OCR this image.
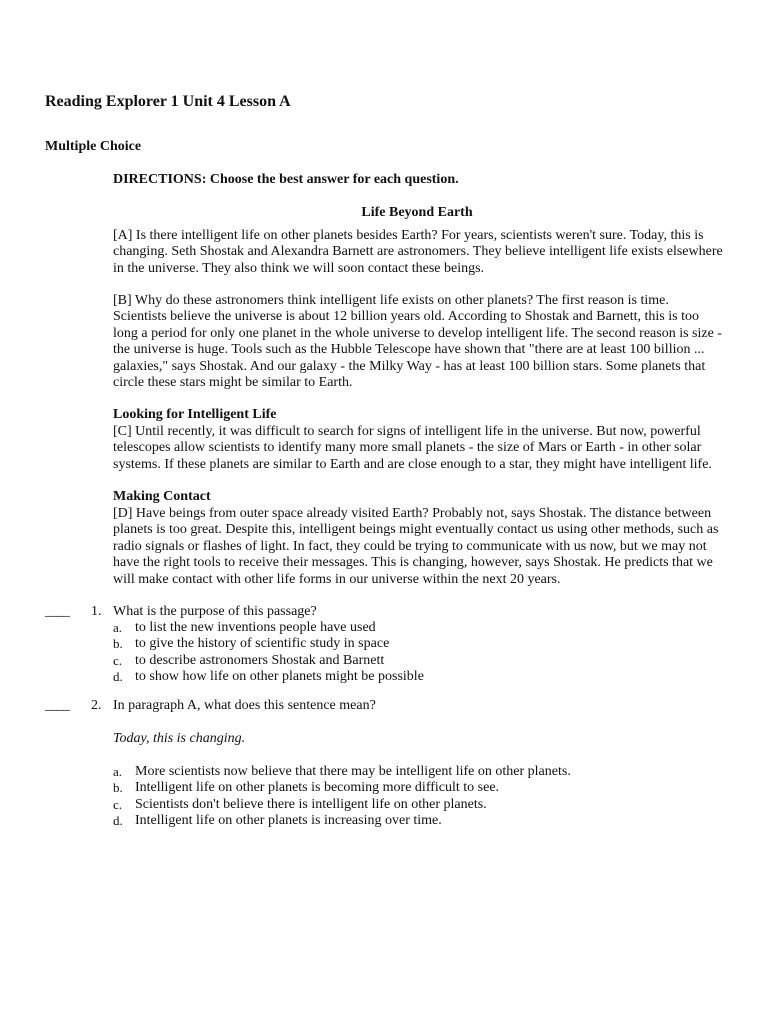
Reading Explorer 1 Unit 4 Lesson A
Multiple Choice
DIRECTIONS: Choose the best answer for each question.
Life Beyond Earth
[A] Is there intelligent life on other planets besides Earth? For years, scientists weren't sure. Today, this is changing. Seth Shostak and Alexandra Barnett are astronomers. They believe intelligent life exists elsewhere in the universe. They also think we will soon contact these beings.
[B] Why do these astronomers think intelligent life exists on other planets? The first reason is time. Scientists believe the universe is about 12 billion years old. According to Shostak and Barnett, this is too long a period for only one planet in the whole universe to develop intelligent life. The second reason is size - the universe is huge. Tools such as the Hubble Telescope have shown that "there are at least 100 billion ... galaxies," says Shostak. And our galaxy - the Milky Way - has at least 100 billion stars. Some planets that circle these stars might be similar to Earth.
Looking for Intelligent Life
[C] Until recently, it was difficult to search for signs of intelligent life in the universe. But now, powerful telescopes allow scientists to identify many more small planets - the size of Mars or Earth - in other solar systems. If these planets are similar to Earth and are close enough to a star, they might have intelligent life.
Making Contact
[D] Have beings from outer space already visited Earth? Probably not, says Shostak. The distance between planets is too great. Despite this, intelligent beings might eventually contact us using other methods, such as radio signals or flashes of light. In fact, they could be trying to communicate with us now, but we may not have the right tools to receive their messages. This is changing, however, says Shostak. He predicts that we will make contact with other life forms in our universe within the next 20 years.
____ 1. What is the purpose of this passage?
a. to list the new inventions people have used
b. to give the history of scientific study in space
c. to describe astronomers Shostak and Barnett
d. to show how life on other planets might be possible
____ 2. In paragraph A, what does this sentence mean?
Today, this is changing.
a. More scientists now believe that there may be intelligent life on other planets.
b. Intelligent life on other planets is becoming more difficult to see.
c. Scientists don't believe there is intelligent life on other planets.
d. Intelligent life on other planets is increasing over time.
